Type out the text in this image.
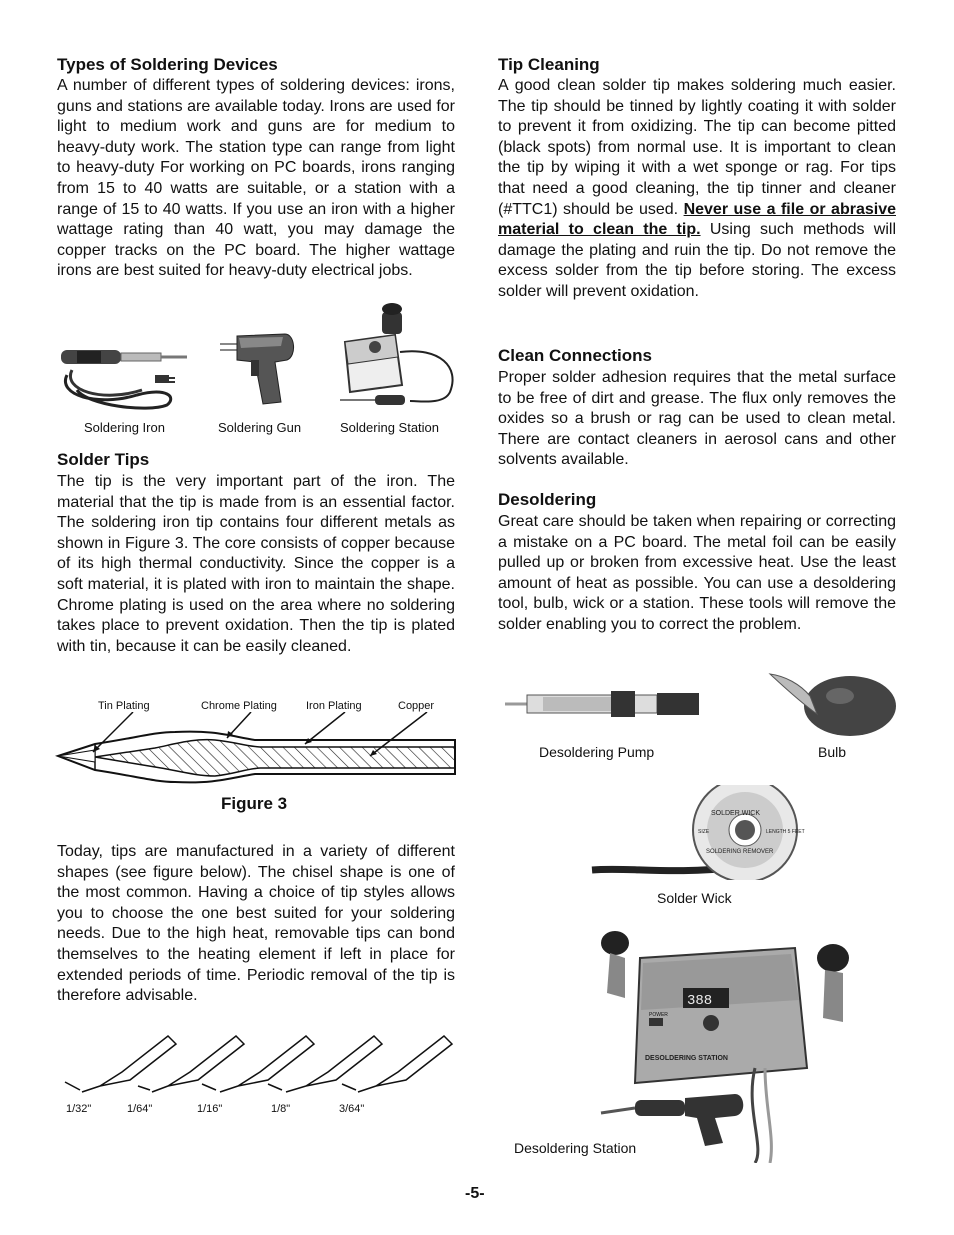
Types of Soldering Devices

A number of different types of soldering devices: irons, guns and stations are available today. Irons are used for light to medium work and guns are for medium to heavy-duty work. The station type can range from light to heavy-duty For working on PC boards, irons ranging from 15 to 40 watts are suitable, or a station with a range of 15 to 40 watts. If you use an iron with a higher wattage rating than 40 watt, you may damage the copper tracks on the PC board. The higher wattage irons are best suited for heavy-duty electrical jobs.

Soldering Iron	Soldering Gun	Soldering Station
Solder Tips

The tip is the very important part of the iron. The material that the tip is made from is an essential factor. The soldering iron tip contains four different metals as shown in Figure 3. The core consists of copper because of its high thermal conductivity. Since the copper is a soft material, it is plated with iron to maintain the shape. Chrome plating is used on the area where no soldering takes place to prevent oxidation. Then the tip is plated with tin, because it can be easily cleaned.

Tin Plating	Chrome Plating	Iron Plating	Copper
Figure 3

Today, tips are manufactured in a variety of different shapes (see figure below). The chisel shape is one of the most common. Having a choice of tip styles allows you to choose the one best suited for your soldering needs. Due to the high heat, removable tips can bond themselves to the heating element if left in place for extended periods of time. Periodic removal of the tip is therefore advisable.

1/32"	1/64"	1/16"	1/8"	3/64"
Tip Cleaning

A good clean solder tip makes soldering much easier. The tip should be tinned by lightly coating it with solder to prevent it from oxidizing. The tip can become pitted (black spots) from normal use. It is important to clean the tip by wiping it with a wet sponge or rag. For tips that need a good cleaning, the tip tinner and cleaner (#TTC1) should be used. Never use a file or abrasive material to clean the tip. Using such methods will damage the plating and ruin the tip. Do not remove the excess solder from the tip before storing. The excess solder will prevent oxidation.

Clean Connections

Proper solder adhesion requires that the metal surface to be free of dirt and grease. The flux only removes the oxides so a brush or rag can be used to clean metal. There are contact cleaners in aerosol cans and other solvents available.

Desoldering

Great care should be taken when repairing or correcting a mistake on a PC board. The metal foil can be easily pulled up or broken from excessive heat. Use the least amount of heat as possible. You can use a desoldering tool, bulb, wick or a station. These tools will remove the solder enabling you to correct the problem.

Desoldering Pump	Bulb
SOLDER WICK
SOLDERING REMOVER
SIZE	LENGTH 5 FEET
Solder Wick
388
POWER
DESOLDERING STATION
Desoldering Station
-5-
